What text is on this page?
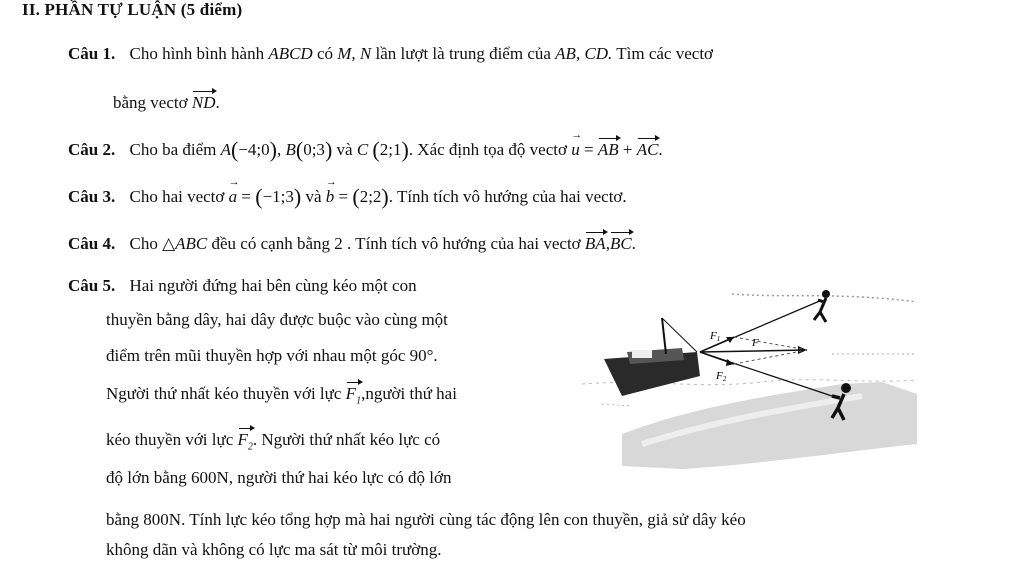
II. PHẦN TỰ LUẬN (5 điểm)
Câu 1. Cho hình bình hành ABCD có M, N lần lượt là trung điểm của AB, CD. Tìm các vectơ
bằng vectơ ND.
Câu 2. Cho ba điểm A(−4;0), B(0;3) và C (2;1). Xác định tọa độ vectơ u → = AB + AC.
Câu 3. Cho hai vectơ a → = (−1;3) và b → = (2;2). Tính tích vô hướng của hai vectơ.
Câu 4. Cho △ABC đều có cạnh bằng 2 . Tính tích vô hướng của hai vectơ BA,BC.
Câu 5. Hai người đứng hai bên cùng kéo một con
thuyền bằng dây, hai dây được buộc vào cùng một
điểm trên mũi thuyền hợp với nhau một góc 90°.
Người thứ nhất kéo thuyền với lực $F_1,người$ thứ hai
kéo thuyền với lực $F_2$. Người thứ nhất kéo lực có
độ lớn bằng 600N, người thứ hai kéo lực có độ lớn
bằng 800N. Tính lực kéo tổng hợp mà hai người cùng tác động lên con thuyền, giả sử dây kéo
không dãn và không có lực ma sát từ môi trường.
F1	F
F2
